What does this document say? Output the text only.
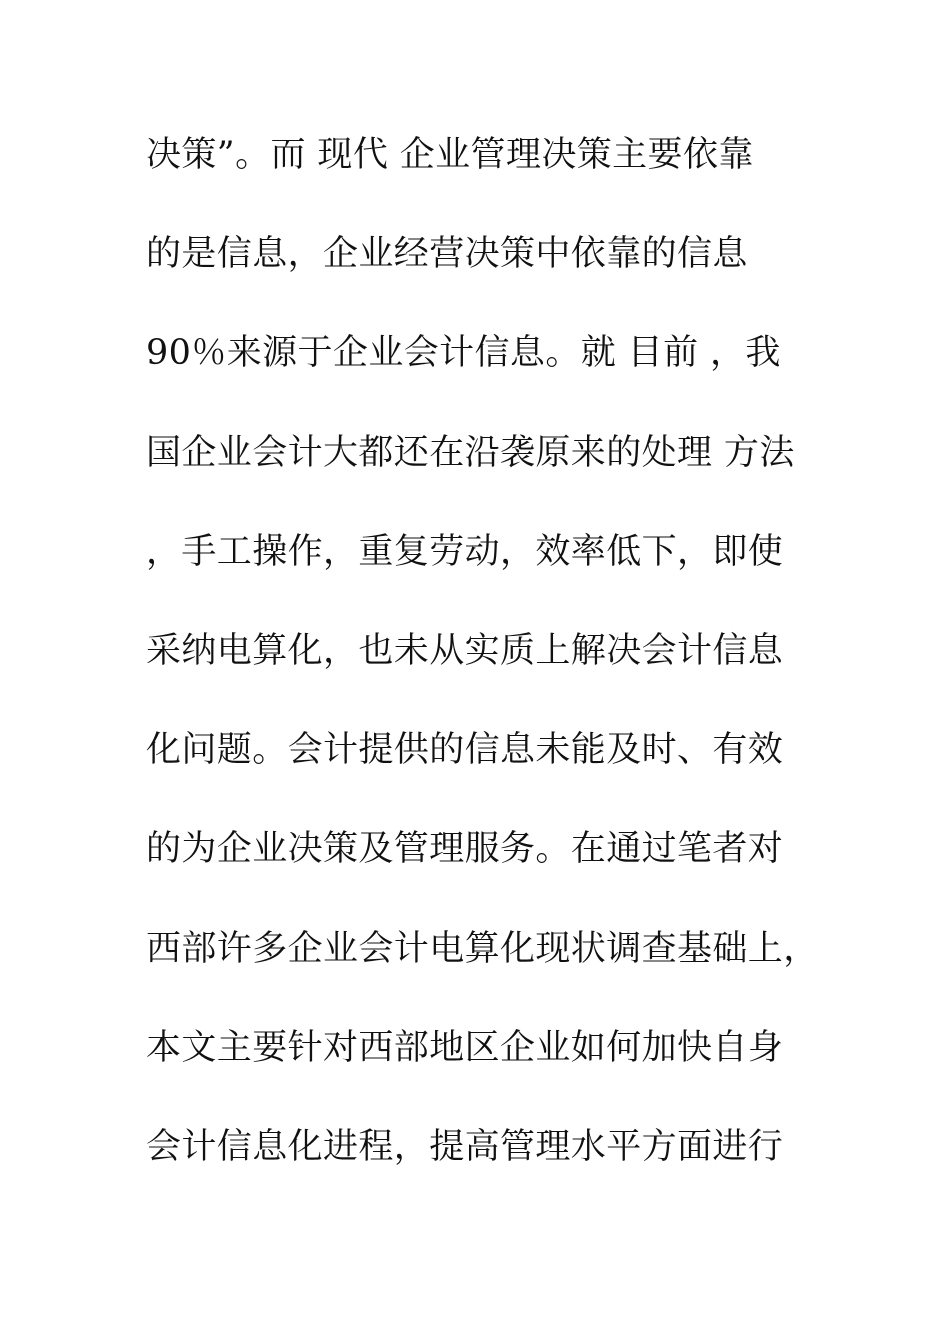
决策”。而 现代 企业管理决策主要依靠
的是信息，企业经营决策中依靠的信息
90％来源于企业会计信息。就 目前 ，我
国企业会计大都还在沿袭原来的处理 方法
，手工操作，重复劳动，效率低下，即使
采纳电算化，也未从实质上解决会计信息
化问题。会计提供的信息未能及时、有效
的为企业决策及管理服务。在通过笔者对
西部许多企业会计电算化现状调查基础上，
本文主要针对西部地区企业如何加快自身
会计信息化进程，提高管理水平方面进行
